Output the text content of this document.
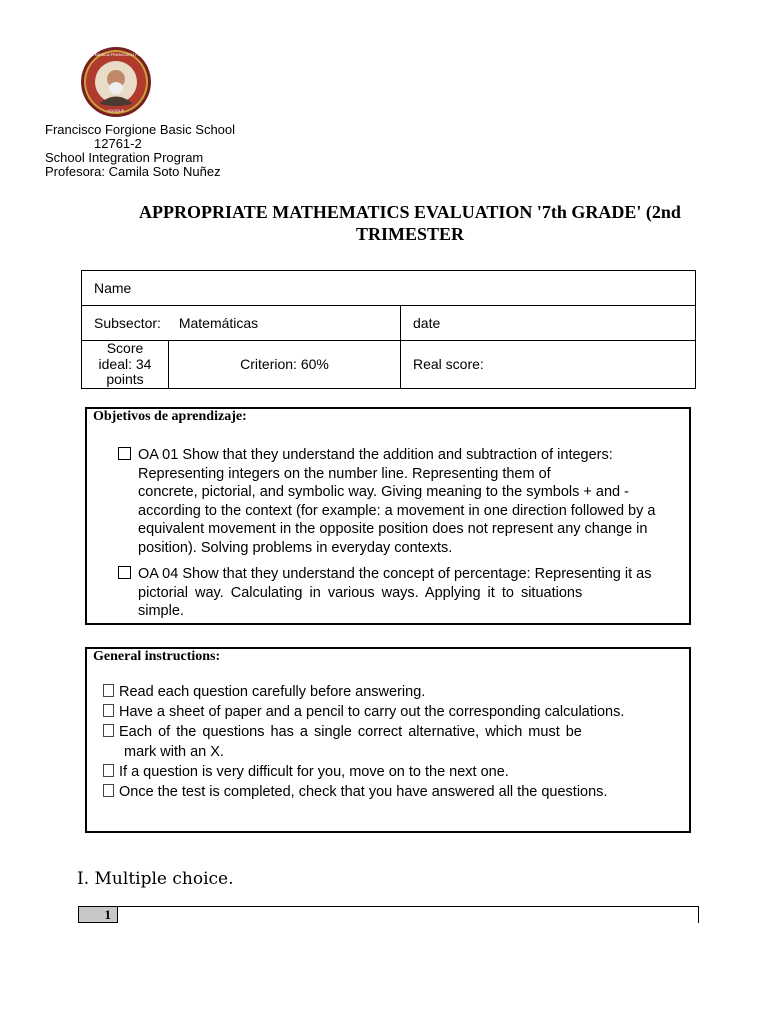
ESCUELA BÁSICA FRANCISCO FORGIONE
IQUIQUE
Francisco Forgione Basic School
12761-2
School Integration Program
Profesora: Camila Soto Nuñez
APPROPRIATE MATHEMATICS EVALUATION '7th GRADE' (2nd
TRIMESTER
Name		
Subsector: Matemáticas		date

Score
ideal: 34
points	Criterion: 60%	Real score:
Objetivos de aprendizaje:
OA 01 Show that they understand the addition and subtraction of integers:
Representing integers on the number line. Representing them of
concrete, pictorial, and symbolic way. Giving meaning to the symbols + and -
according to the context (for example: a movement in one direction followed by a
equivalent movement in the opposite position does not represent any change in
position). Solving problems in everyday contexts.
OA 04 Show that they understand the concept of percentage: Representing it as
pictorial way. Calculating in various ways. Applying it to situations
simple.
General instructions:
Read each question carefully before answering.
Have a sheet of paper and a pencil to carry out the corresponding calculations.
Each of the questions has a single correct alternative, which must be
mark with an X.
If a question is very difficult for you, move on to the next one.
Once the test is completed, check that you have answered all the questions.
I. Multiple choice.
1
